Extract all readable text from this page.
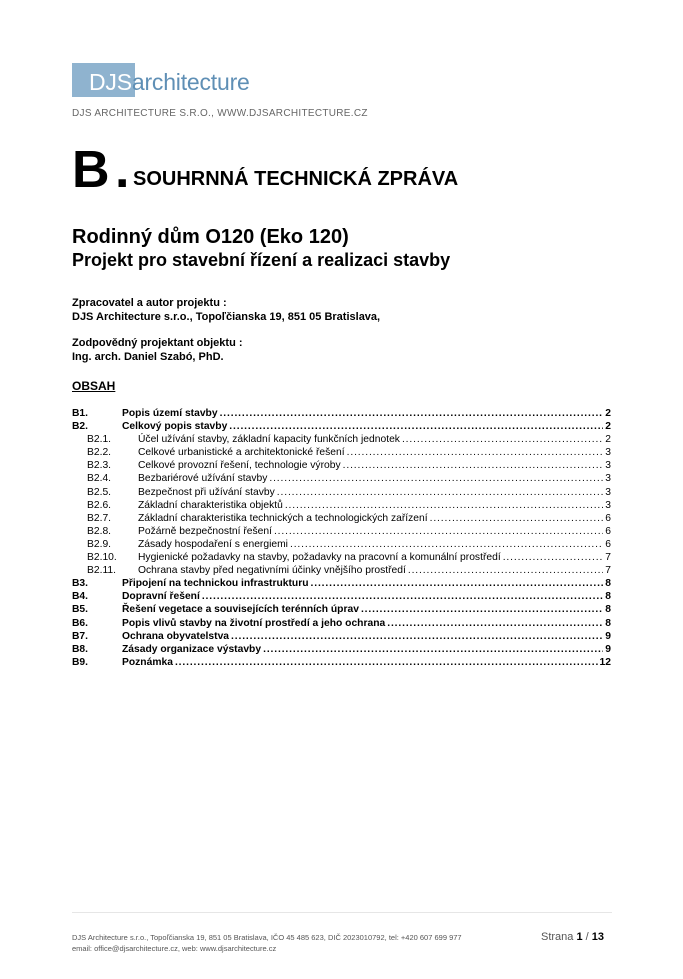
DJSarchitecture
DJS ARCHITECTURE S.R.O., WWW.DJSARCHITECTURE.CZ
B . SOUHRNNÁ TECHNICKÁ ZPRÁVA
Rodinný dům O120 (Eko 120)
Projekt pro stavební řízení a realizaci stavby
Zpracovatel a autor projektu :
DJS Architecture s.r.o., Topoľčianska 19, 851 05 Bratislava,
Zodpovědný projektant objektu :
Ing. arch. Daniel Szabó, PhD.
OBSAH
B1.	Popis území stavby . . .	2
B2.	Celkový popis stavby . . .	2
B2.1.	Účel užívání stavby, základní kapacity funkčních jednotek . . .	2
B2.2.	Celkové urbanistické a architektonické řešení . . .	3
B2.3.	Celkové provozní řešení, technologie výroby . . .	3
B2.4.	Bezbariérové užívání stavby . . .	3
B2.5.	Bezpečnost při užívání stavby . . .	3
B2.6.	Základní charakteristika objektů . . .	3
B2.7.	Základní charakteristika technických a technologických zařízení . . .	6
B2.8.	Požárně bezpečnostní řešení . . .	6
B2.9.	Zásady hospodaření s energiemi . . .	6
B2.10. Hygienické požadavky na stavby, požadavky na pracovní a komunální prostředí . . .	7
B2.11. Ochrana stavby před negativními účinky vnějšího prostředí . . .	7
B3.	Připojení na technickou infrastrukturu . . .	8
B4.	Dopravní řešení . . .	8
B5.	Řešení vegetace a souvisejících terénních úprav . . .	8
B6.	Popis vlivů stavby na životní prostředí a jeho ochrana . . .	8
B7.	Ochrana obyvatelstva . . .	9
B8.	Zásady organizace výstavby . . .	9
B9.	Poznámka . . .	12
DJS Architecture s.r.o., Topoľčianska 19, 851 05 Bratislava, IČO 45 485 623, DIČ 2023010792, tel: +420 607 699 977
email: office@djsarchitecture.cz, web: www.djsarchitecture.cz
Strana 1 / 13
